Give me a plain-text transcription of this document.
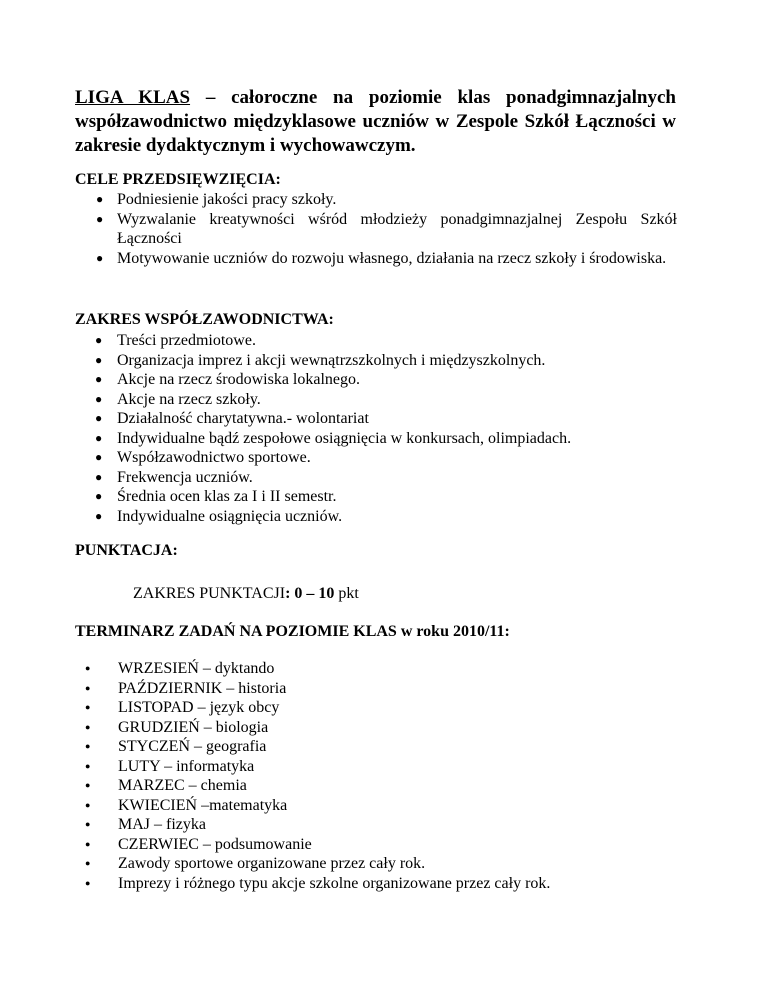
LIGA KLAS – całoroczne na poziomie klas ponadgimnazjalnych współzawodnictwo międzyklasowe uczniów w Zespole Szkół Łączności w zakresie dydaktycznym i wychowawczym.
CELE PRZEDSIĘWZIĘCIA:
● Podniesienie jakości pracy szkoły.
● Wyzwalanie kreatywności wśród młodzieży ponadgimnazjalnej Zespołu Szkół Łączności
● Motywowanie uczniów do rozwoju własnego, działania na rzecz szkoły i środowiska.
ZAKRES WSPÓŁZAWODNICTWA:
● Treści przedmiotowe.
● Organizacja imprez i akcji wewnątrzszkolnych i międzyszkolnych.
● Akcje na rzecz środowiska lokalnego.
● Akcje na rzecz szkoły.
● Działalność charytatywna.- wolontariat
● Indywidualne bądź zespołowe osiągnięcia w konkursach, olimpiadach.
● Współzawodnictwo sportowe.
● Frekwencja uczniów.
● Średnia ocen klas za I i II semestr.
● Indywidualne osiągnięcia uczniów.
PUNKTACJA:
ZAKRES PUNKTACJI: 0 – 10 pkt
TERMINARZ ZADAŃ NA POZIOMIE KLAS w roku 2010/11:
● WRZESIEŃ – dyktando
● PAŹDZIERNIK – historia
● LISTOPAD – język obcy
● GRUDZIEŃ – biologia
● STYCZEŃ – geografia
● LUTY – informatyka
● MARZEC – chemia
● KWIECIEŃ –matematyka
● MAJ – fizyka
● CZERWIEC – podsumowanie
● Zawody sportowe organizowane przez cały rok.
● Imprezy i różnego typu akcje szkolne organizowane przez cały rok.
